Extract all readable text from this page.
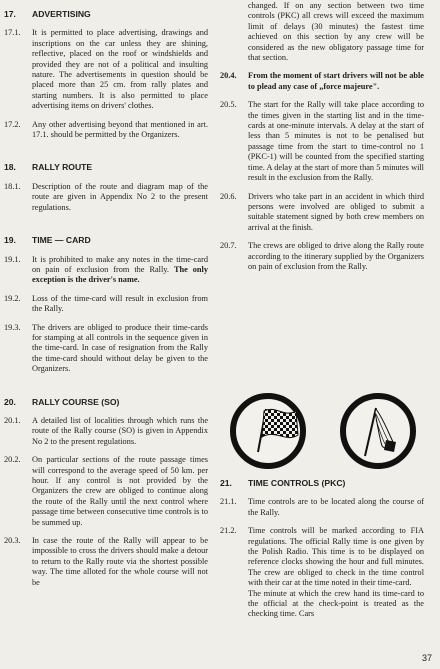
17.	ADVERTISING
17.1.	It is permitted to place advertising, drawings and inscriptions on the car unless they are shining, reflective, placed on the roof or windshields and provided they are not of a political and insulting nature. The advertisements in question should be placed more than 25 cm. from rally plates and starting numbers. It is also permitted to place advertising items on drivers' clothes.
17.2.	Any other advertising beyond that mentioned in art. 17.1. should be permitted by the Organizers.
18.	RALLY ROUTE
18.1.	Description of the route and diagram map of the route are given in Appendix No 2 to the present regulations.
19.	TIME — CARD
19.1.	It is prohibited to make any notes in the time-card on pain of exclusion from the Rally. The only exception is the driver's name.
19.2.	Loss of the time-card will result in exclusion from the Rally.
19.3.	The drivers are obliged to produce their time-cards for stamping at all controls in the sequence given in the time-card. In case of resignation from the Rally the time-card should without delay be given to the Organizers.
20.	RALLY COURSE (SO)
20.1.	A detailed list of localities through which runs the route of the Rally course (SO) is given in Appendix No 2 to the present regulations.
20.2.	On particular sections of the route passage times will correspond to the average speed of 50 km. per hour. If any control is not provided by the Organizers the crew are obliged to continue along the route of the Rally until the next control where passage time between consecutive time controls is to be summed up.
20.3.	In case the route of the Rally will appear to be impossible to cross the drivers should make a detour to return to the Rally route via the shortest possible way. The time alloted for the whole course will not be
changed. If on any section between two time controls (PKC) all crews will exceed the maximum limit of delays (30 minutes) the fastest time achieved on this section by any crew will be considered as the new obligatory passage time for that section.
20.4.	From the moment of start drivers will not be able to plead any case of „force majeure".
20.5.	The start for the Rally will take place according to the times given in the starting list and in the time-cards at one-minute intervals. A delay at the start of less than 5 minutes is not to be penalised but passage time from the start to time-control no 1 (PKC-1) will be counted from the specified starting time. A delay at the start of more than 5 minutes will result in the exclusion from the Rally.
20.6.	Drivers who take part in an accident in which third persons were involved are obliged to submit a suitable statement signed by both crew members on arrival at the finish.
20.7.	The crews are obliged to drive along the Rally route according to the itinerary supplied by the Organizers on pain of exclusion from the Rally.
21.	TIME CONTROLS (PKC)
21.1.	Time controls are to be located along the course of the Rally.
21.2.	Time controls will be marked according to FIA regulations. The official Rally time is one given by the Polish Radio. This time is to be displayed on reference clocks showing the hour and full minutes. The crew are obliged to check in the time control with their car at the time noted in their time-card.
The minute at which the crew hand its time-card to the official at the check-point is treated as the checking time. Cars
37
